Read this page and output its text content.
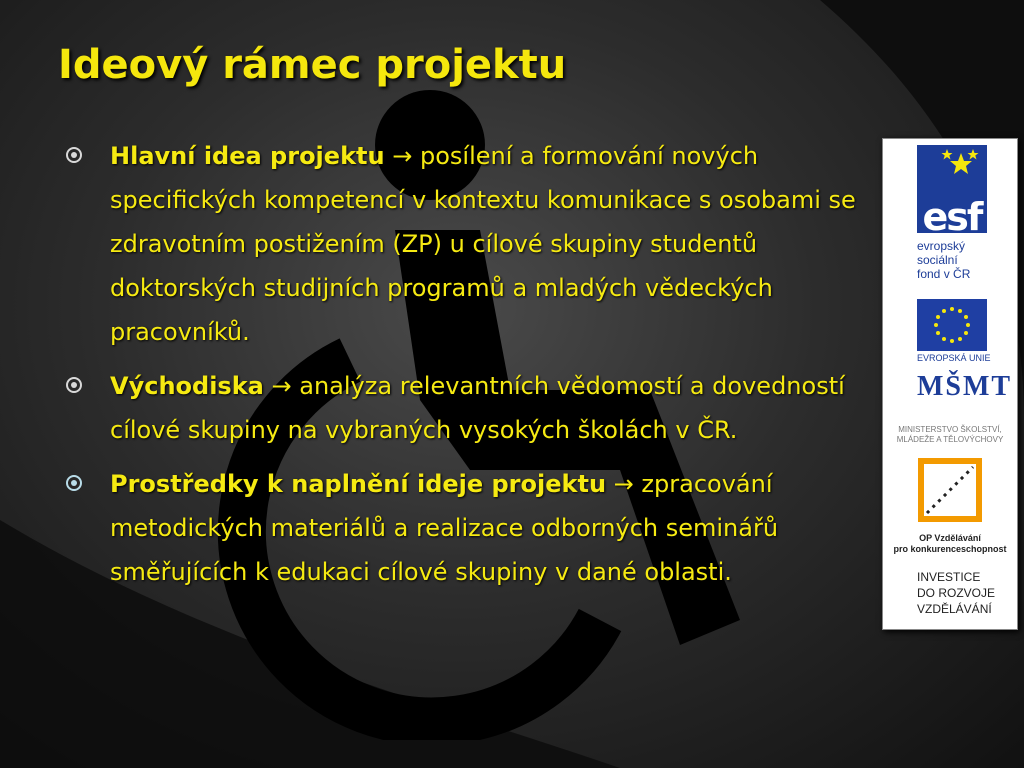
Ideový rámec projektu
Hlavní idea projektu → posílení a formování nových specifických kompetencí v kontextu komunikace s osobami se zdravotním postižením (ZP) u cílové skupiny studentů doktorských studijních programů a mladých vědeckých pracovníků.
Východiska → analýza relevantních vědomostí a dovedností cílové skupiny na vybraných vysokých školách v ČR.
Prostředky k naplnění ideje projektu → zpracování metodických materiálů a realizace odborných seminářů směřujících k edukaci cílové skupiny v dané oblasti.
esf
evropský
sociální
fond v ČR
EVROPSKÁ UNIE
MŠMT
MINISTERSTVO ŠKOLSTVÍ,
MLÁDEŽE A TĚLOVÝCHOVY
OP Vzdělávání
pro konkurenceschopnost
INVESTICE
DO ROZVOJE
VZDĚLÁVÁNÍ
